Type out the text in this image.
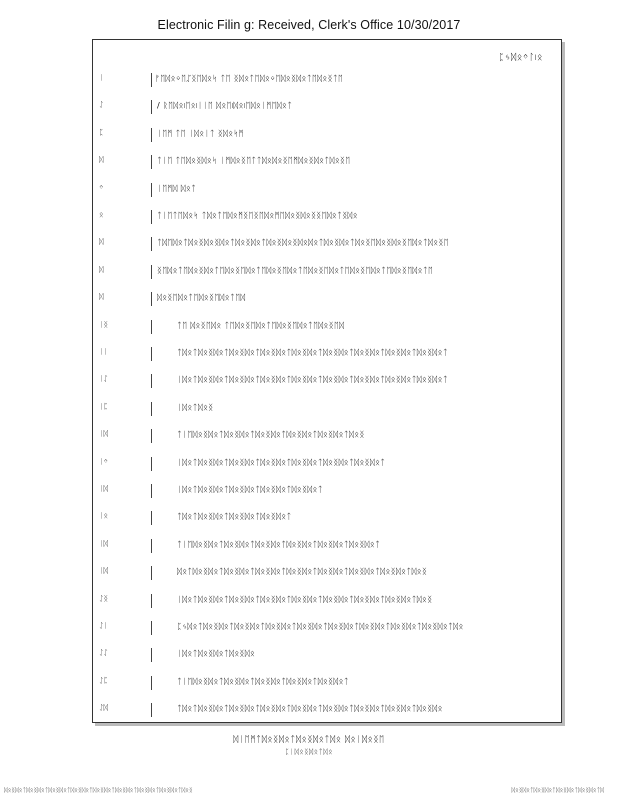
Electronic Filin g: Received, Clerk's Office 10/30/2017
ᛈᛃᛞᛟᛜᛚ৷ᛟ
ᛁ	ᚠᛖᛞᛟᛜᛖᛢᛝᛖᛞᛟᛋ ᛏᛖ ᛝᛞᛟᛏᛖᛞᛟᛜᛖᛞᛟᛝᛞᛟᛏᛖᛞᛟᛝᛏᛖ
ᛇ	/ ᚱᛖᛞᛟ৷ᛖᛟ৷ᛁᛁᛖ ᛞᛟᛖ৷ᛞᛟ৷ᛖᛞᛟᛁᛗᛖᛞᛟᛏ
ᛈ	ᛁᛖᛗ ᛏᛖ ᛁᛞᛟᛁᛏ ᛝᛞᛟᛋᛗ
ᛞ	ᛏᛁᛖ ᛏᛖᛞᛟᛝᛞᛟᛋ ᛁᛗᛞᛟᛝᛖᛏᛏᛞᛟᛞᛟᛝᛖᛗᛞᛟᛝᛞᛟᛏᛞᛟᛝᛖ
ᛜ	ᛁᛖᛗᛞ ᛞᛟᛏ
ᛟ	ᛏᛁᛖᛏᛖᛞᛟᛋ ᛏᛞᛟᛏᛖᛞᛟᛗᛝᛖᛝᛖᛞᛟᛗᛖᛞᛟᛝᛞᛟᛝᛝᛖᛞᛟᛏᛝᛞᛟ
ᛞ	ᛏᛞᛖᛞᛟᛏᛞᛟᛝᛞᛟᛝᛞᛟᛏᛞᛟᛝᛞᛟᛏᛞᛟᛝᛞᛟᛝᛞᛟᛞᛟᛏᛞᛟᛝᛞᛟᛏᛞᛟᛝᛖᛞᛟᛝᛞᛟᛝᛖᛞᛟᛏᛞᛟᛝᛖ
ᛞ	ᛝᛖᛞᛟᛏᛖᛞᛟᛝᛞᛟᛏᛖᛞᛟᛝᛖᛞᛟᛏᛖᛞᛟᛝᛖᛞᛟᛏᛖᛞᛟᛝᛖᛞᛟᛏᛖᛞᛟᛝᛖᛞᛟᛏᛖᛞᛟᛝᛖᛞᛟᛏᛖ
ᛞ	ᛞᛟᛝᛖᛞᛟᛏᛖᛞᛟᛝᛖᛞᛟᛏᛖᛞ
ᛁᛝ	ᛏᛖ ᛞᛟᛝᛖᛞᛟ ᛏᛖᛞᛟᛝᛖᛞᛟᛏᛖᛞᛟᛝᛖᛞᛟᛏᛖᛞᛟᛝᛖᛞ
ᛁᛁ	ᛏᛞᛟᛏᛞᛟᛝᛞᛟᛏᛞᛟᛝᛞᛟᛏᛞᛟᛝᛞᛟᛏᛞᛟᛝᛞᛟᛏᛞᛟᛝᛞᛟᛏᛞᛟᛝᛞᛟᛏᛞᛟᛝᛞᛟᛏᛞᛟᛝᛞᛟᛏ
ᛁᛇ	ᛁᛞᛟᛏᛞᛟᛝᛞᛟᛏᛞᛟᛝᛞᛟᛏᛞᛟᛝᛞᛟᛏᛞᛟᛝᛞᛟᛏᛞᛟᛝᛞᛟᛏᛞᛟᛝᛞᛟᛏᛞᛟᛝᛞᛟᛏᛞᛟᛝᛞᛟᛏ
ᛁᛈ	ᛁᛞᛟᛏᛞᛟᛝ
ᛁᛞ	ᛏᛁᛖᛞᛟᛝᛞᛟᛏᛞᛟᛝᛞᛟᛏᛞᛟᛝᛞᛟᛏᛞᛟᛝᛞᛟᛏᛞᛟᛝᛞᛟᛏᛞᛟᛝ
ᛁᛜ	ᛁᛞᛟᛏᛞᛟᛝᛞᛟᛏᛞᛟᛝᛞᛟᛏᛞᛟᛝᛞᛟᛏᛞᛟᛝᛞᛟᛏᛞᛟᛝᛞᛟᛏᛞᛟᛝᛞᛟᛏ
ᛁᛞ	ᛁᛞᛟᛏᛞᛟᛝᛞᛟᛏᛞᛟᛝᛞᛟᛏᛞᛟᛝᛞᛟᛏᛞᛟᛝᛞᛟᛏ
ᛁᛟ	ᛏᛞᛟᛏᛞᛟᛝᛞᛟᛏᛞᛟᛝᛞᛟᛏᛞᛟᛝᛞᛟᛏ
ᛁᛞ	ᛏᛁᛖᛞᛟᛝᛞᛟᛏᛞᛟᛝᛞᛟᛏᛞᛟᛝᛞᛟᛏᛞᛟᛝᛞᛟᛏᛞᛟᛝᛞᛟᛏᛞᛟᛝᛞᛟᛏ
ᛁᛞ	ᛞᛟᛏᛞᛟᛝᛞᛟᛏᛞᛟᛝᛞᛟᛏᛞᛟᛝᛞᛟᛏᛞᛟᛝᛞᛟᛏᛞᛟᛝᛞᛟᛏᛞᛟᛝᛞᛟᛏᛞᛟᛝᛞᛟᛏᛞᛟᛝ
ᛇᛝ	ᛁᛞᛟᛏᛞᛟᛝᛞᛟᛏᛞᛟᛝᛞᛟᛏᛞᛟᛝᛞᛟᛏᛞᛟᛝᛞᛟᛏᛞᛟᛝᛞᛟᛏᛞᛟᛝᛞᛟᛏᛞᛟᛝᛞᛟᛏᛞᛟᛝ
ᛇᛁ	ᛈᛃᛞᛟᛏᛞᛟᛝᛞᛟᛏᛞᛟᛝᛞᛟᛏᛞᛟᛝᛞᛟᛏᛞᛟᛝᛞᛟᛏᛞᛟᛝᛞᛟᛏᛞᛟᛝᛞᛟᛏᛞᛟᛝᛞᛟᛏᛞᛟᛝᛞᛟᛏᛞᛟ
ᛇᛇ	ᛁᛞᛟᛏᛞᛟᛝᛞᛟᛏᛞᛟᛝᛞᛟ
ᛇᛈ	ᛏᛁᛖᛞᛟᛝᛞᛟᛏᛞᛟᛝᛞᛟᛏᛞᛟᛝᛞᛟᛏᛞᛟᛝᛞᛟᛏᛞᛟᛝᛞᛟᛏ
ᛇᛞ	ᛏᛞᛟᛏᛞᛟᛝᛞᛟᛏᛞᛟᛝᛞᛟᛏᛞᛟᛝᛞᛟᛏᛞᛟᛝᛞᛟᛏᛞᛟᛝᛞᛟᛏᛞᛟᛝᛞᛟᛏᛞᛟᛝᛞᛟᛏᛞᛟᛝᛞᛟ
ᛞᛁᛖᛗᛏᛞᛟᛝᛞᛟᛏᛞᛟᛝᛞᛟᛏᛞᛟ ᛞᛟᛁᛞᛟᛝᛖ
ᛈᛁᛞᛟᛝᛞᛟᛏᛞᛟ
ᛞᛟᛝᛞᛟᛏᛞᛟᛝᛞᛟᛏᛞᛟᛝᛞᛟᛏᛞᛟᛝᛞᛟᛏᛞᛟᛝᛞᛟᛏᛞᛟᛝᛞᛟᛏᛞᛟᛝᛞᛟᛏᛞᛟᛝᛞᛟᛏᛞᛟᛝ	ᛞᛟᛝᛞᛟᛏᛞᛟᛝᛞᛟᛏᛞᛟᛝᛞᛟᛏᛞᛟᛝᛞᛟᛏᛞ
